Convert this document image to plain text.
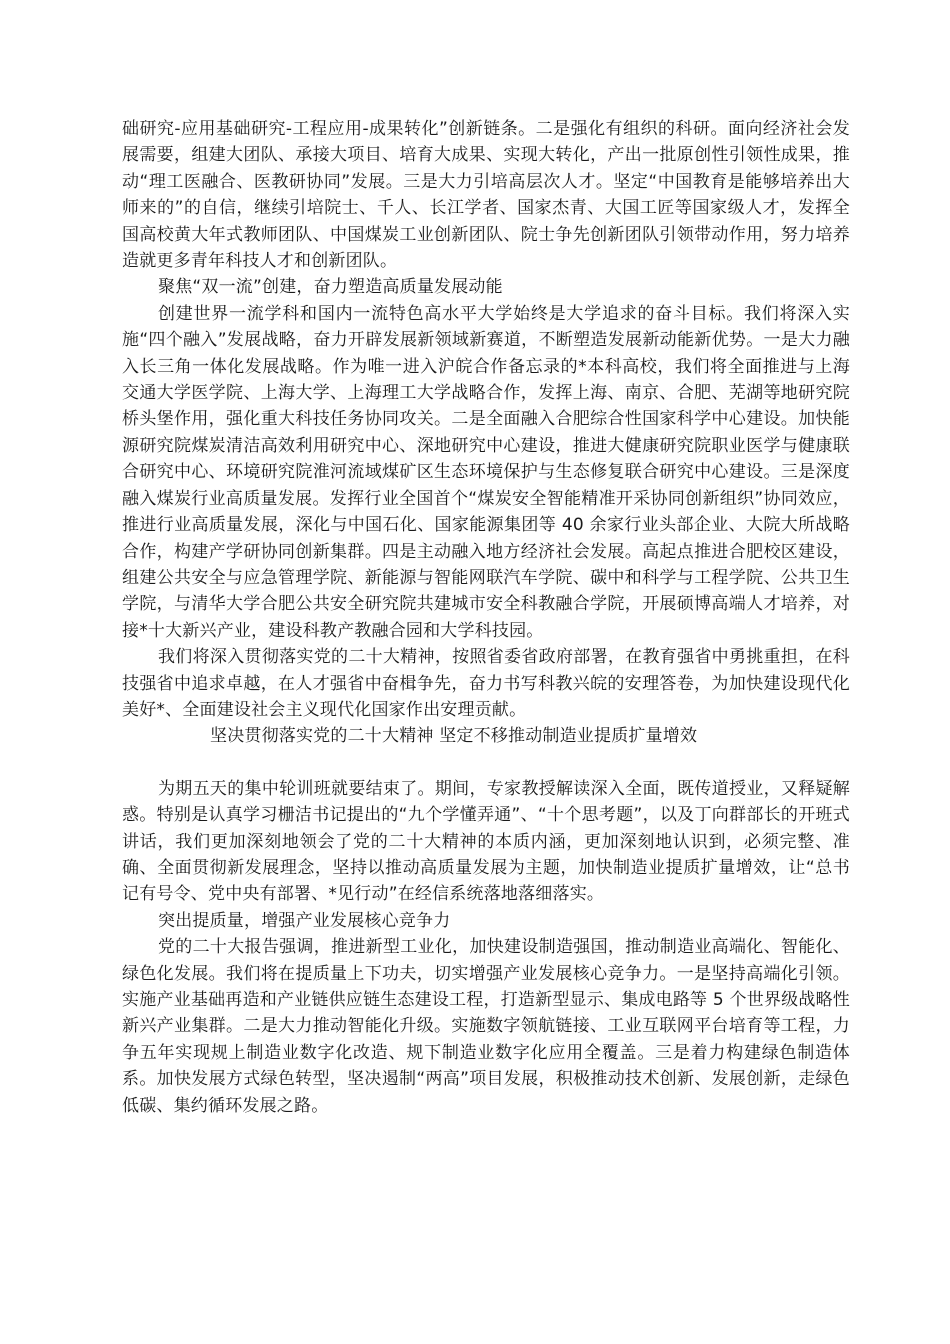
础研究-应用基础研究-工程应用-成果转化”创新链条。二是强化有组织的科研。面向经济社会发展需要，组建大团队、承接大项目、培育大成果、实现大转化，产出一批原创性引领性成果，推动“理工医融合、医教研协同”发展。三是大力引培高层次人才。坚定“中国教育是能够培养出大师来的”的自信，继续引培院士、千人、长江学者、国家杰青、大国工匠等国家级人才，发挥全国高校黄大年式教师团队、中国煤炭工业创新团队、院士争先创新团队引领带动作用，努力培养造就更多青年科技人才和创新团队。

聚焦“双一流”创建，奋力塑造高质量发展动能

创建世界一流学科和国内一流特色高水平大学始终是大学追求的奋斗目标。我们将深入实施“四个融入”发展战略，奋力开辟发展新领域新赛道，不断塑造发展新动能新优势。一是大力融入长三角一体化发展战略。作为唯一进入沪皖合作备忘录的*本科高校，我们将全面推进与上海交通大学医学院、上海大学、上海理工大学战略合作，发挥上海、南京、合肥、芜湖等地研究院桥头堡作用，强化重大科技任务协同攻关。二是全面融入合肥综合性国家科学中心建设。加快能源研究院煤炭清洁高效利用研究中心、深地研究中心建设，推进大健康研究院职业医学与健康联合研究中心、环境研究院淮河流域煤矿区生态环境保护与生态修复联合研究中心建设。三是深度融入煤炭行业高质量发展。发挥行业全国首个“煤炭安全智能精准开采协同创新组织”协同效应，推进行业高质量发展，深化与中国石化、国家能源集团等 40 余家行业头部企业、大院大所战略合作，构建产学研协同创新集群。四是主动融入地方经济社会发展。高起点推进合肥校区建设，组建公共安全与应急管理学院、新能源与智能网联汽车学院、碳中和科学与工程学院、公共卫生学院，与清华大学合肥公共安全研究院共建城市安全科教融合学院，开展硕博高端人才培养，对接*十大新兴产业，建设科教产教融合园和大学科技园。

我们将深入贯彻落实党的二十大精神，按照省委省政府部署，在教育强省中勇挑重担，在科技强省中追求卓越，在人才强省中奋楫争先，奋力书写科教兴皖的安理答卷，为加快建设现代化美好*、全面建设社会主义现代化国家作出安理贡献。

坚决贯彻落实党的二十大精神 坚定不移推动制造业提质扩量增效

为期五天的集中轮训班就要结束了。期间，专家教授解读深入全面，既传道授业，又释疑解惑。特别是认真学习栅洁书记提出的“九个学懂弄通”、“十个思考题”，以及丁向群部长的开班式讲话，我们更加深刻地领会了党的二十大精神的本质内涵，更加深刻地认识到，必须完整、准确、全面贯彻新发展理念，坚持以推动高质量发展为主题，加快制造业提质扩量增效，让“总书记有号令、党中央有部署、*见行动”在经信系统落地落细落实。

突出提质量，增强产业发展核心竞争力

党的二十大报告强调，推进新型工业化，加快建设制造强国，推动制造业高端化、智能化、绿色化发展。我们将在提质量上下功夫，切实增强产业发展核心竞争力。一是坚持高端化引领。实施产业基础再造和产业链供应链生态建设工程，打造新型显示、集成电路等 5 个世界级战略性新兴产业集群。二是大力推动智能化升级。实施数字领航链接、工业互联网平台培育等工程，力争五年实现规上制造业数字化改造、规下制造业数字化应用全覆盖。三是着力构建绿色制造体系。加快发展方式绿色转型，坚决遏制“两高”项目发展，积极推动技术创新、发展创新，走绿色低碳、集约循环发展之路。
